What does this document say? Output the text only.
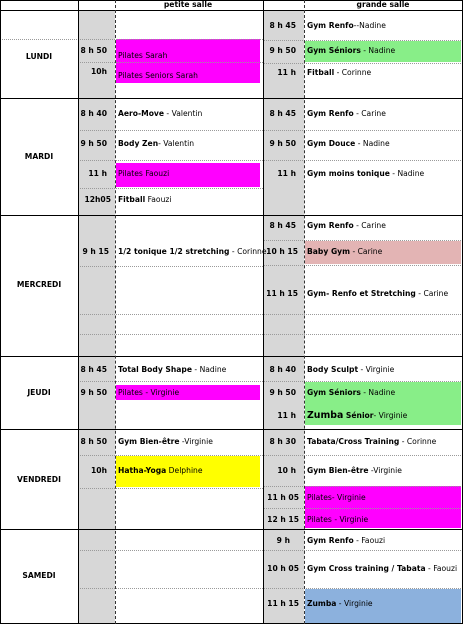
petite salle	grande salle
LUNDI
MARDI
MERCREDI
JEUDI
VENDREDI
SAMEDI
8 h 50
Pilates Sarah
10h Pilates Seniors Sarah
8 h 45 Gym Renfo--Nadine
9 h 50 Gym Séniors - Nadine
11 h Fitball - Corinne
8 h 40 Aero-Move - Valentin
9 h 50 Body Zen- Valentin
11 h Pilates Faouzi
12h05 Fitball Faouzi
8 h 45 Gym Renfo - Carine
9 h 50 Gym Douce - Nadine
11 h Gym moins tonique - Nadine
9 h 15 1/2 tonique 1/2 stretching - Corinne
8 h 45 Gym Renfo - Carine
10 h 15 Baby Gym - Carine
11 h 15 Gym- Renfo et Stretching - Carine
8 h 45 Total Body Shape - Nadine
9 h 50 Pilates - Virginie
8 h 40 Body Sculpt - Virginie
9 h 50 Gym Séniors - Nadine
11 h Zumba Sénior- Virginie
8 h 50 Gym Bien-être -Virginie
10h Hatha-Yoga Delphine
8 h 30 Tabata/Cross Training - Corinne
10 h Gym Bien-être -Virginie
11 h 05 Pilates- Virginie
12 h 15 Pilates - Virginie
9 h Gym Renfo - Faouzi
10 h 05 Gym Cross training / Tabata - Faouzi
11 h 15 Zumba - Virginie
